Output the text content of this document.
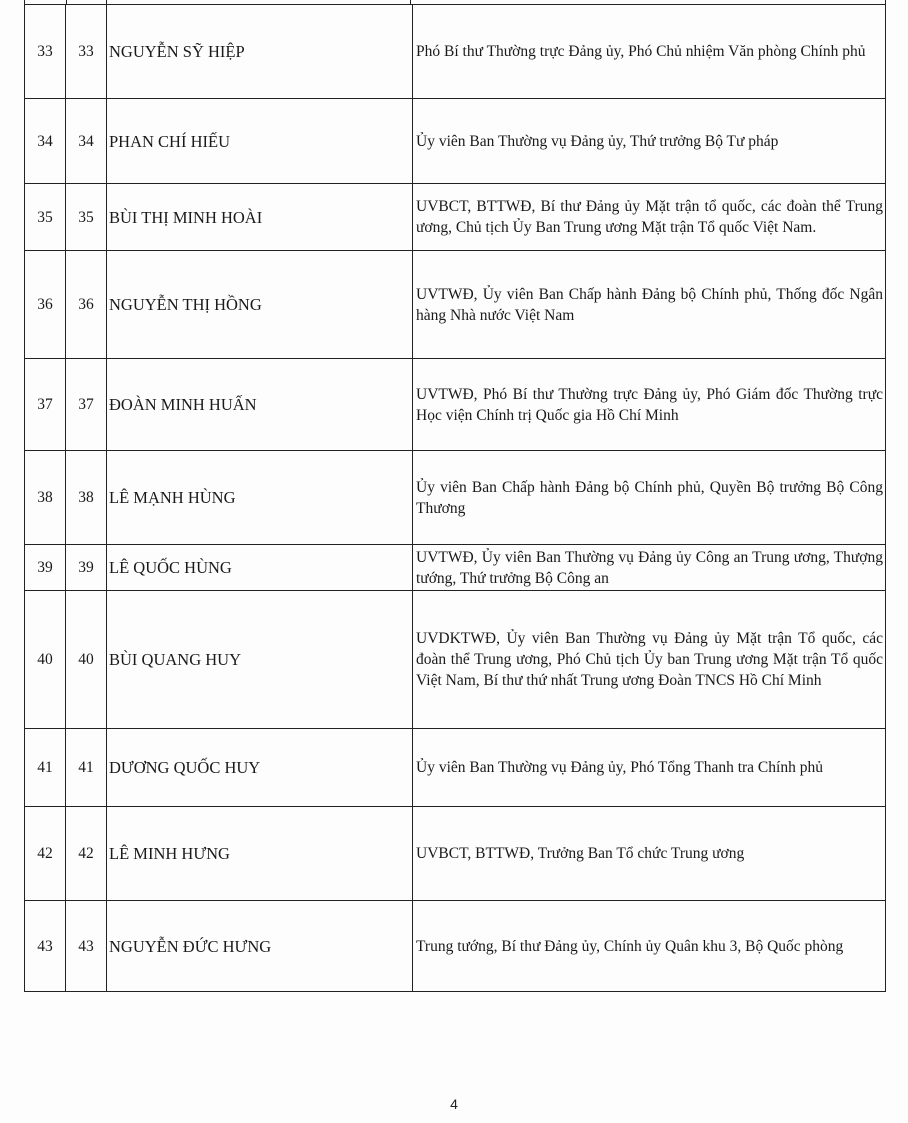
33	33	NGUYỄN SỸ HIỆP	Phó Bí thư Thường trực Đảng ủy, Phó Chủ nhiệm Văn phòng Chính phủ
34	34	PHAN CHÍ HIẾU	Ủy viên Ban Thường vụ Đảng ủy, Thứ trưởng Bộ Tư pháp
35	35	BÙI THỊ MINH HOÀI	UVBCT, BTTWĐ, Bí thư Đảng ủy Mặt trận tổ quốc, các đoàn thể Trung ương, Chủ tịch Ủy Ban Trung ương Mặt trận Tổ quốc Việt Nam.
36	36	NGUYỄN THỊ HỒNG	UVTWĐ, Ủy viên Ban Chấp hành Đảng bộ Chính phủ, Thống đốc Ngân hàng Nhà nước Việt Nam
37	37	ĐOÀN MINH HUẤN	UVTWĐ, Phó Bí thư Thường trực Đảng ủy, Phó Giám đốc Thường trực Học viện Chính trị Quốc gia Hồ Chí Minh
38	38	LÊ MẠNH HÙNG	Ủy viên Ban Chấp hành Đảng bộ Chính phủ, Quyền Bộ trưởng Bộ Công Thương
39	39	LÊ QUỐC HÙNG	UVTWĐ, Ủy viên Ban Thường vụ Đảng ủy Công an Trung ương, Thượng tướng, Thứ trưởng Bộ Công an
40	40	BÙI QUANG HUY	UVDKTWĐ, Ủy viên Ban Thường vụ Đảng ủy Mặt trận Tổ quốc, các đoàn thể Trung ương, Phó Chủ tịch Ủy ban Trung ương Mặt trận Tổ quốc Việt Nam, Bí thư thứ nhất Trung ương Đoàn TNCS Hồ Chí Minh
41	41	DƯƠNG QUỐC HUY	Ủy viên Ban Thường vụ Đảng ủy, Phó Tổng Thanh tra Chính phủ
42	42	LÊ MINH HƯNG	UVBCT, BTTWĐ, Trưởng Ban Tổ chức Trung ương
43	43	NGUYỄN ĐỨC HƯNG	Trung tướng, Bí thư Đảng ủy, Chính ủy Quân khu 3, Bộ Quốc phòng
4
